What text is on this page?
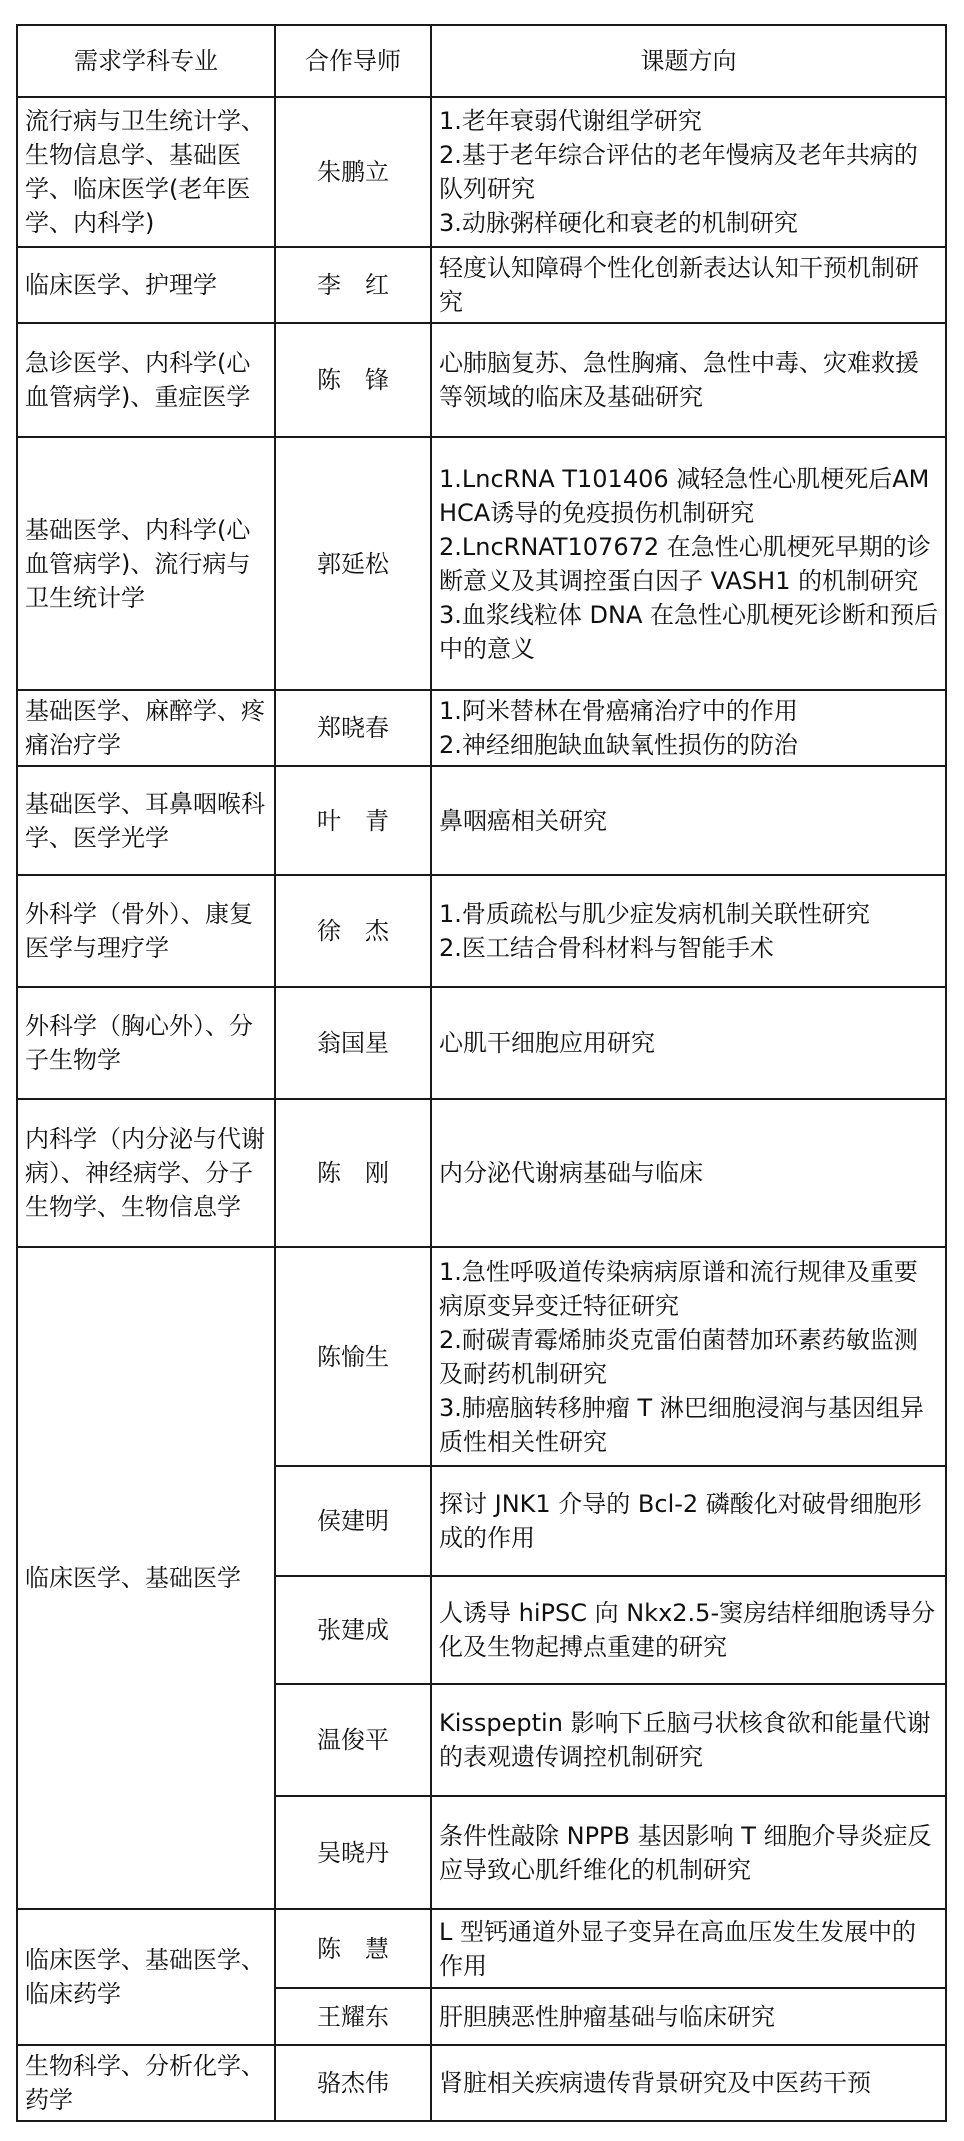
需求学科专业	合作导师	课题方向
流行病与卫生统计学、生物信息学、基础医学、临床医学(老年医学、内科学)	朱鹏立	1.老年衰弱代谢组学研究
2.基于老年综合评估的老年慢病及老年共病的队列研究
3.动脉粥样硬化和衰老的机制研究

临床医学、护理学	李　红	轻度认知障碍个性化创新表达认知干预机制研究

急诊医学、内科学(心血管病学)、重症医学	陈　锋	心肺脑复苏、急性胸痛、急性中毒、灾难救援等领域的临床及基础研究

基础医学、内科学(心血管病学)、流行病与卫生统计学	郭延松	1.LncRNA T101406 减轻急性心肌梗死后AMHCA诱导的免疫损伤机制研究
2.LncRNAT107672 在急性心肌梗死早期的诊断意义及其调控蛋白因子 VASH1 的机制研究
3.血浆线粒体 DNA 在急性心肌梗死诊断和预后中的意义

基础医学、麻醉学、疼痛治疗学	郑晓春	1.阿米替林在骨癌痛治疗中的作用
2.神经细胞缺血缺氧性损伤的防治

基础医学、耳鼻咽喉科学、医学光学	叶　青	鼻咽癌相关研究

外科学（骨外）、康复医学与理疗学	徐　杰	1.骨质疏松与肌少症发病机制关联性研究
2.医工结合骨科材料与智能手术

外科学（胸心外）、分子生物学	翁国星	心肌干细胞应用研究

内科学（内分泌与代谢病）、神经病学、分子生物学、生物信息学	陈　刚	内分泌代谢病基础与临床

临床医学、基础医学	陈愉生	1.急性呼吸道传染病病原谱和流行规律及重要病原变异变迁特征研究
2.耐碳青霉烯肺炎克雷伯菌替加环素药敏监测及耐药机制研究
3.肺癌脑转移肿瘤 T 淋巴细胞浸润与基因组异质性相关性研究

	侯建明	探讨 JNK1 介导的 Bcl-2 磷酸化对破骨细胞形成的作用

	张建成	人诱导 hiPSC 向 Nkx2.5-窦房结样细胞诱导分化及生物起搏点重建的研究

	温俊平	Kisspeptin 影响下丘脑弓状核食欲和能量代谢的表观遗传调控机制研究

	吴晓丹	条件性敲除 NPPB 基因影响 T 细胞介导炎症反应导致心肌纤维化的机制研究

临床医学、基础医学、临床药学	陈　慧	L 型钙通道外显子变异在高血压发生发展中的作用

	王耀东	肝胆胰恶性肿瘤基础与临床研究

生物科学、分析化学、药学	骆杰伟	肾脏相关疾病遗传背景研究及中医药干预
